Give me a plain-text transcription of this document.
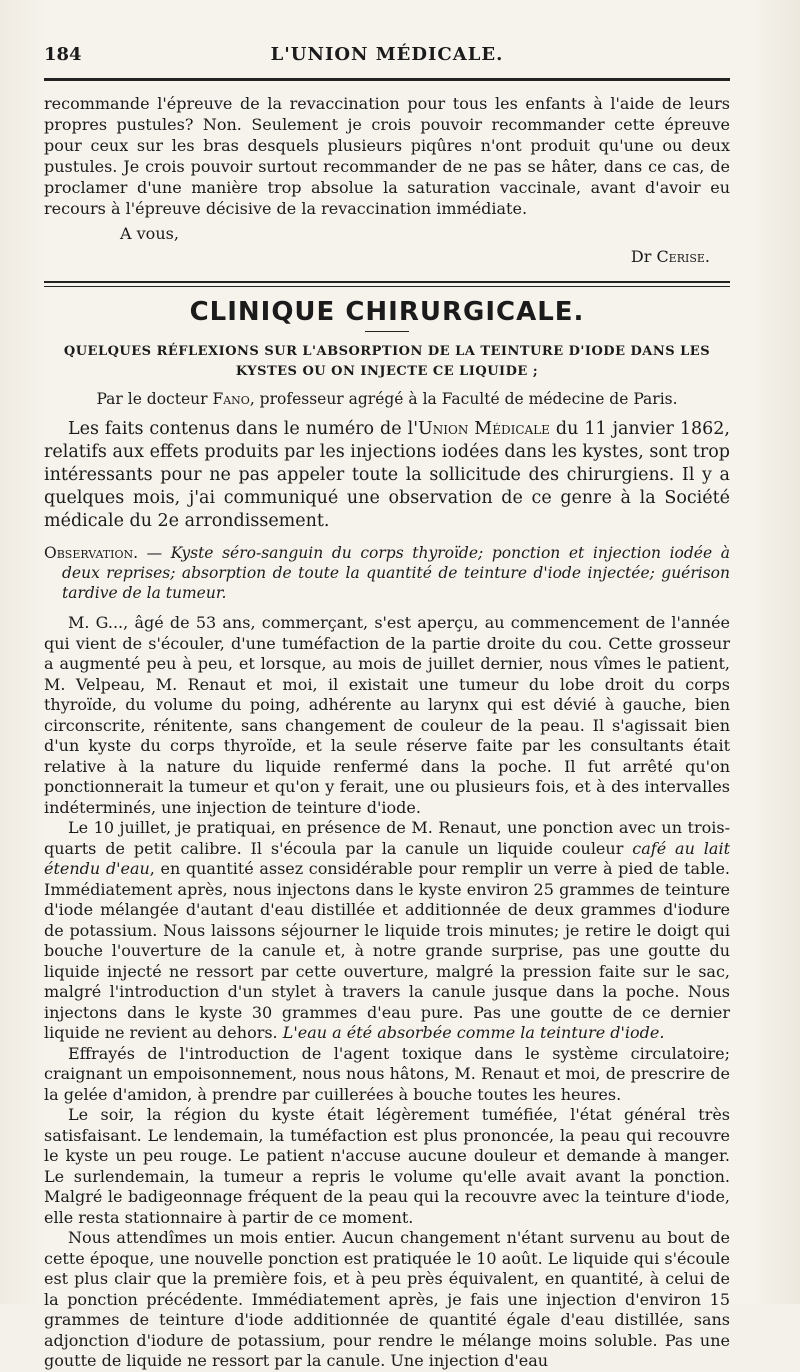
184	L'UNION MÉDICALE.

recommande l'épreuve de la revaccination pour tous les enfants à l'aide de leurs propres pustules? Non. Seulement je crois pouvoir recommander cette épreuve pour ceux sur les bras desquels plusieurs piqûres n'ont produit qu'une ou deux pustules. Je crois pouvoir surtout recommander de ne pas se hâter, dans ce cas, de proclamer d'une manière trop absolue la saturation vaccinale, avant d'avoir eu recours à l'épreuve décisive de la revaccination immédiate.

A vous,
Dr Cerise.
CLINIQUE CHIRURGICALE.
QUELQUES RÉFLEXIONS SUR L'ABSORPTION DE LA TEINTURE D'IODE DANS LES KYSTES OU ON INJECTE CE LIQUIDE ;
Par le docteur Fano, professeur agrégé à la Faculté de médecine de Paris.

Les faits contenus dans le numéro de l'Union Médicale du 11 janvier 1862, relatifs aux effets produits par les injections iodées dans les kystes, sont trop intéressants pour ne pas appeler toute la sollicitude des chirurgiens. Il y a quelques mois, j'ai communiqué une observation de ce genre à la Société médicale du 2e arrondissement.

Observation. — Kyste séro-sanguin du corps thyroïde; ponction et injection iodée à deux reprises; absorption de toute la quantité de teinture d'iode injectée; guérison tardive de la tumeur.

M. G..., âgé de 53 ans, commerçant, s'est aperçu, au commencement de l'année qui vient de s'écouler, d'une tuméfaction de la partie droite du cou. Cette grosseur a augmenté peu à peu, et lorsque, au mois de juillet dernier, nous vîmes le patient, M. Velpeau, M. Renaut et moi, il existait une tumeur du lobe droit du corps thyroïde, du volume du poing, adhérente au larynx qui est dévié à gauche, bien circonscrite, rénitente, sans changement de couleur de la peau. Il s'agissait bien d'un kyste du corps thyroïde, et la seule réserve faite par les consultants était relative à la nature du liquide renfermé dans la poche. Il fut arrêté qu'on ponctionnerait la tumeur et qu'on y ferait, une ou plusieurs fois, et à des intervalles indéterminés, une injection de teinture d'iode.

Le 10 juillet, je pratiquai, en présence de M. Renaut, une ponction avec un trois-quarts de petit calibre. Il s'écoula par la canule un liquide couleur café au lait étendu d'eau, en quantité assez considérable pour remplir un verre à pied de table. Immédiatement après, nous injectons dans le kyste environ 25 grammes de teinture d'iode mélangée d'autant d'eau distillée et additionnée de deux grammes d'iodure de potassium. Nous laissons séjourner le liquide trois minutes; je retire le doigt qui bouche l'ouverture de la canule et, à notre grande surprise, pas une goutte du liquide injecté ne ressort par cette ouverture, malgré la pression faite sur le sac, malgré l'introduction d'un stylet à travers la canule jusque dans la poche. Nous injectons dans le kyste 30 grammes d'eau pure. Pas une goutte de ce dernier liquide ne revient au dehors. L'eau a été absorbée comme la teinture d'iode.

Effrayés de l'introduction de l'agent toxique dans le système circulatoire; craignant un empoisonnement, nous nous hâtons, M. Renaut et moi, de prescrire de la gelée d'amidon, à prendre par cuillerées à bouche toutes les heures.

Le soir, la région du kyste était légèrement tuméfiée, l'état général très satisfaisant. Le lendemain, la tuméfaction est plus prononcée, la peau qui recouvre le kyste un peu rouge. Le patient n'accuse aucune douleur et demande à manger. Le surlendemain, la tumeur a repris le volume qu'elle avait avant la ponction. Malgré le badigeonnage fréquent de la peau qui la recouvre avec la teinture d'iode, elle resta stationnaire à partir de ce moment.

Nous attendîmes un mois entier. Aucun changement n'étant survenu au bout de cette époque, une nouvelle ponction est pratiquée le 10 août. Le liquide qui s'écoule est plus clair que la première fois, et à peu près équivalent, en quantité, à celui de la ponction précédente. Immédiatement après, je fais une injection d'environ 15 grammes de teinture d'iode additionnée de quantité égale d'eau distillée, sans adjonction d'iodure de potassium, pour rendre le mélange moins soluble. Pas une goutte de liquide ne ressort par la canule. Une injection d'eau
